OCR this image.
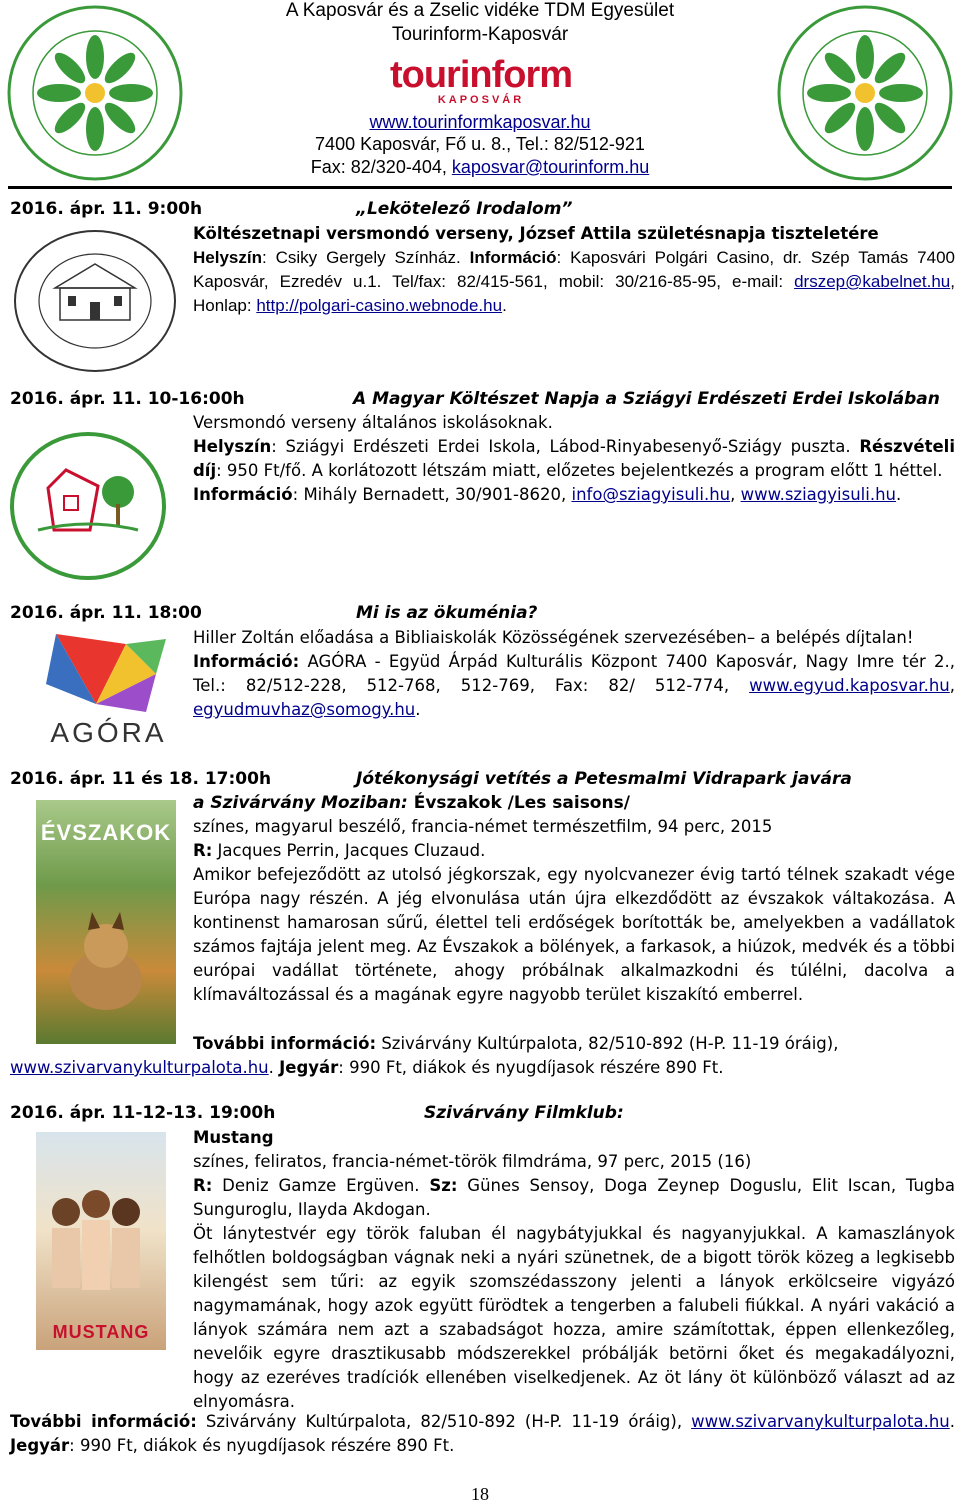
A Kaposvár és a Zselic vidéke TDM Egyesület
Tourinform-Kaposvár
tourinform
KAPOSVÁR
www.tourinformkaposvar.hu
7400 Kaposvár, Fő u. 8., Tel.: 82/512-921
Fax: 82/320-404, kaposvar@tourinform.hu
2016. ápr. 11. 9:00h	„Lekötelező Irodalom”
Költészetnapi versmondó verseny, József Attila születésnapja tiszteletére
Helyszín: Csiky Gergely Színház. Információ: Kaposvári Polgári Casino, dr. Szép Tamás 7400 Kaposvár, Ezredév u.1. Tel/fax: 82/415-561, mobil: 30/216-85-95, e-mail: drszep@kabelnet.hu, Honlap: http://polgari-casino.webnode.hu.
2016. ápr. 11. 10-16:00h	A Magyar Költészet Napja a Sziágyi Erdészeti Erdei Iskolában
Versmondó verseny általános iskolásoknak.
Helyszín: Sziágyi Erdészeti Erdei Iskola, Lábod-Rinyabesenyő-Sziágy puszta. Részvételi díj: 950 Ft/fő. A korlátozott létszám miatt, előzetes bejelentkezés a program előtt 1 héttel.
Információ: Mihály Bernadett, 30/901-8620, info@sziagyisuli.hu, www.sziagyisuli.hu.
2016. ápr. 11. 18:00	Mi is az ökuménia?
AGÓRA
Hiller Zoltán előadása a Bibliaiskolák Közösségének szervezésében– a belépés díjtalan!
Információ: AGÓRA - Együd Árpád Kulturális Központ 7400 Kaposvár, Nagy Imre tér 2., Tel.: 82/512-228, 512-768, 512-769, Fax: 82/ 512-774, www.egyud.kaposvar.hu, egyudmuvhaz@somogy.hu.
2016. ápr. 11 és 18. 17:00h	Jótékonysági vetítés a Petesmalmi Vidrapark javára
ÉVSZAKOK
a Szivárvány Moziban: Évszakok /Les saisons/
színes, magyarul beszélő, francia-német természetfilm, 94 perc, 2015
R: Jacques Perrin, Jacques Cluzaud.
Amikor befejeződött az utolsó jégkorszak, egy nyolcvanezer évig tartó télnek szakadt vége Európa nagy részén. A jég elvonulása után újra elkezdődött az évszakok váltakozása. A kontinenst hamarosan sűrű, élettel teli erdőségek borították be, amelyekben a vadállatok számos fajtája jelent meg. Az Évszakok a bölények, a farkasok, a hiúzok, medvék és a többi európai vadállat története, ahogy próbálnak alkalmazkodni és túlélni, dacolva a klímaváltozással és a magának egyre nagyobb terület kiszakító emberrel.
További információ: Szivárvány Kultúrpalota, 82/510-892 (H-P. 11-19 óráig),
www.szivarvanykulturpalota.hu. Jegyár: 990 Ft, diákok és nyugdíjasok részére 890 Ft.
2016. ápr. 11-12-13. 19:00h	Szivárvány Filmklub:
MUSTANG
Mustang
színes, feliratos, francia-német-török filmdráma, 97 perc, 2015 (16)
R: Deniz Gamze Ergüven. Sz: Günes Sensoy, Doga Zeynep Doguslu, Elit Iscan, Tugba Sunguroglu, Ilayda Akdogan.
Öt lánytestvér egy török faluban él nagybátyjukkal és nagyanyjukkal. A kamaszlányok felhőtlen boldogságban vágnak neki a nyári szünetnek, de a bigott török közeg a legkisebb kilengést sem tűri: az egyik szomszédasszony jelenti a lányok erkölcseire vigyázó nagymamának, hogy azok együtt fürödtek a tengerben a falubeli fiúkkal. A nyári vakáció a lányok számára nem azt a szabadságot hozza, amire számítottak, éppen ellenkezőleg, nevelőik egyre drasztikusabb módszerekkel próbálják betörni őket és megakadályozni, hogy az ezeréves tradíciók ellenében viselkedjenek. Az öt lány öt különböző választ ad az elnyomásra.
További információ: Szivárvány Kultúrpalota, 82/510-892 (H-P. 11-19 óráig), www.szivarvanykulturpalota.hu. Jegyár: 990 Ft, diákok és nyugdíjasok részére 890 Ft.
18
